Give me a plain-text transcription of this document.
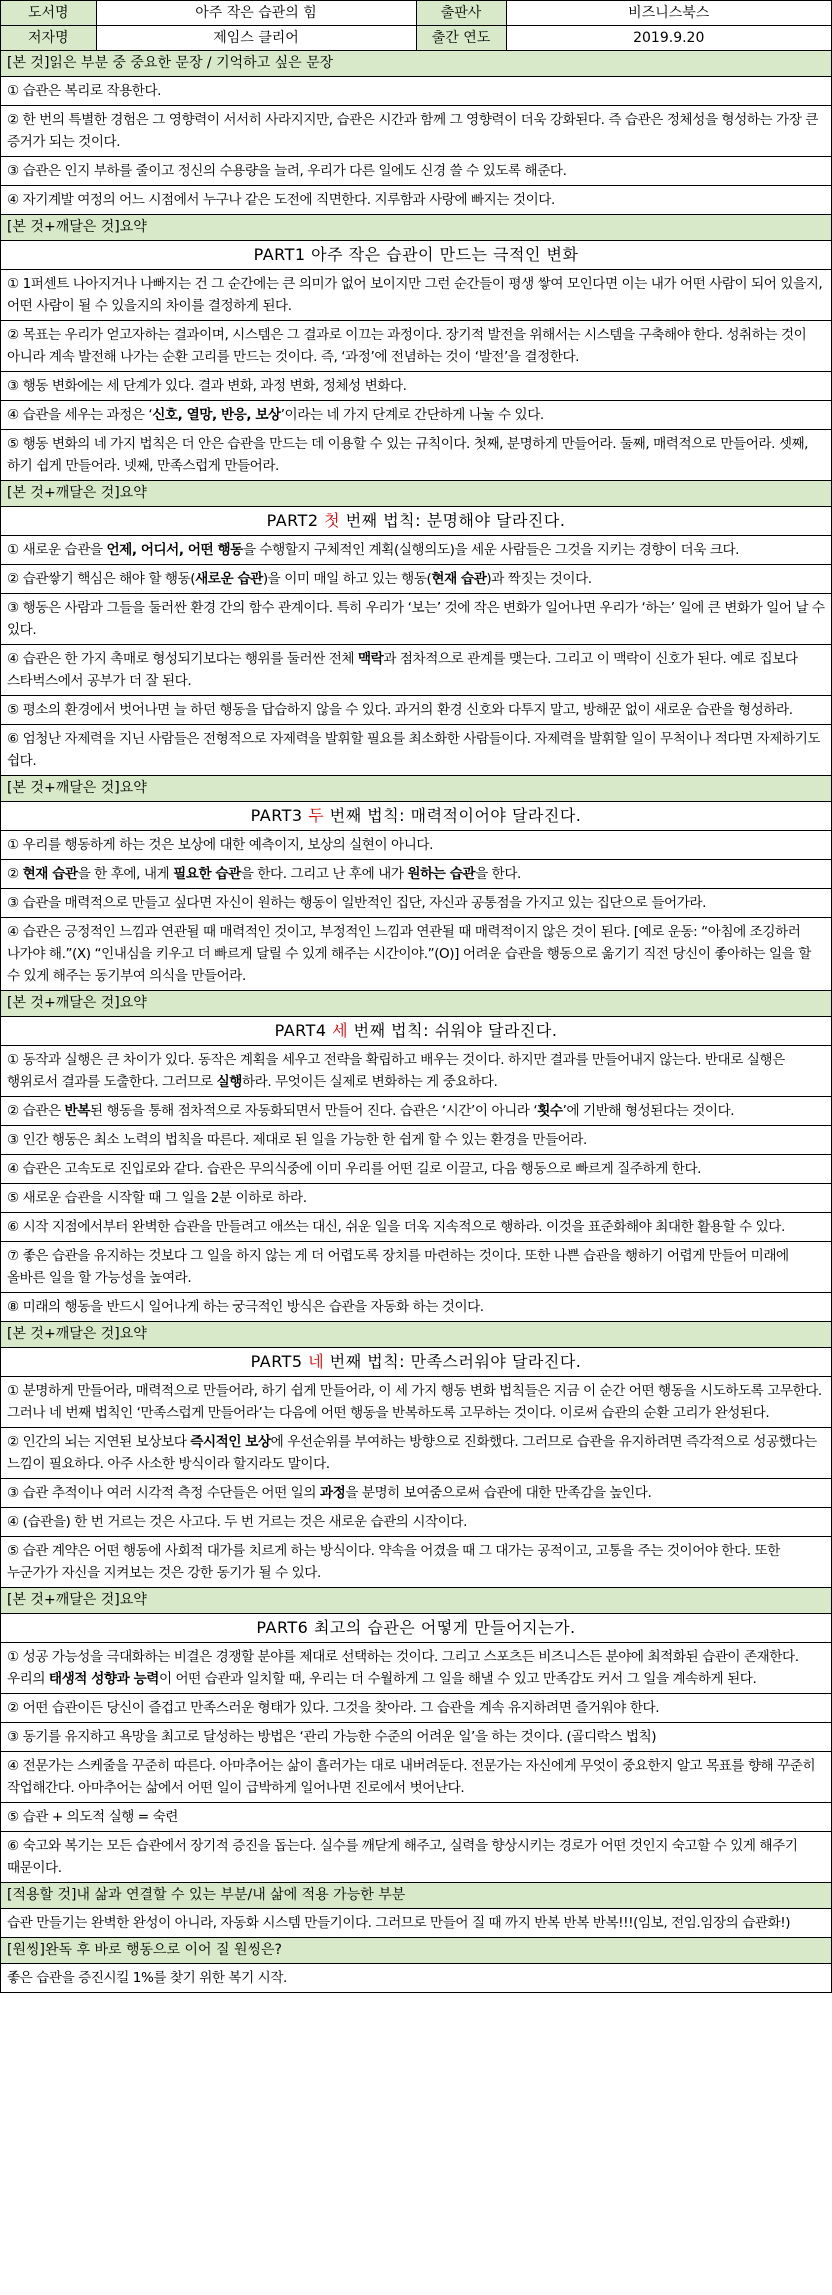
도서명	아주 작은 습관의 힘	출판사	비즈니스북스
저자명	제임스 클리어	출간 연도	2019.9.20
[본 것]읽은 부분 중 중요한 문장 / 기억하고 싶은 문장
① 습관은 복리로 작용한다.
② 한 번의 특별한 경험은 그 영향력이 서서히 사라지지만, 습관은 시간과 함께 그 영향력이 더욱 강화된다. 즉 습관은 정체성을 형성하는 가장 큰 증거가 되는 것이다.
③ 습관은 인지 부하를 줄이고 정신의 수용량을 늘려, 우리가 다른 일에도 신경 쓸 수 있도록 해준다.
④ 자기계발 여정의 어느 시점에서 누구나 같은 도전에 직면한다. 지루함과 사랑에 빠지는 것이다.
[본 것+깨달은 것]요약
PART1 아주 작은 습관이 만드는 극적인 변화
① 1퍼센트 나아지거나 나빠지는 건 그 순간에는 큰 의미가 없어 보이지만 그런 순간들이 평생 쌓여 모인다면 이는 내가 어떤 사람이 되어 있을지, 어떤 사람이 될 수 있을지의 차이를 결정하게 된다.
② 목표는 우리가 얻고자하는 결과이며, 시스템은 그 결과로 이끄는 과정이다. 장기적 발전을 위해서는 시스템을 구축해야 한다. 성취하는 것이 아니라 계속 발전해 나가는 순환 고리를 만드는 것이다. 즉, ‘과정’에 전념하는 것이 ‘발전’을 결정한다.
③ 행동 변화에는 세 단계가 있다. 결과 변화, 과정 변화, 정체성 변화다.
④ 습관을 세우는 과정은 ‘신호, 열망, 반응, 보상’이라는 네 가지 단계로 간단하게 나눌 수 있다.
⑤ 행동 변화의 네 가지 법칙은 더 안은 습관을 만드는 데 이용할 수 있는 규칙이다. 첫째, 분명하게 만들어라. 둘째, 매력적으로 만들어라. 셋째, 하기 쉽게 만들어라. 넷째, 만족스럽게 만들어라.
[본 것+깨달은 것]요약
PART2 첫 번째 법칙: 분명해야 달라진다.
① 새로운 습관을 언제, 어디서, 어떤 행동을 수행할지 구체적인 계획(실행의도)을 세운 사람들은 그것을 지키는 경향이 더욱 크다.
② 습관쌓기 핵심은 해야 할 행동(새로운 습관)을 이미 매일 하고 있는 행동(현재 습관)과 짝짓는 것이다.
③ 행동은 사람과 그들을 둘러싼 환경 간의 함수 관계이다. 특히 우리가 ‘보는’ 것에 작은 변화가 일어나면 우리가 ‘하는’ 일에 큰 변화가 일어 날 수 있다.
④ 습관은 한 가지 촉매로 형성되기보다는 행위를 둘러싼 전체 맥락과 점차적으로 관계를 맺는다. 그리고 이 맥락이 신호가 된다. 예로 집보다 스타벅스에서 공부가 더 잘 된다.
⑤ 평소의 환경에서 벗어나면 늘 하던 행동을 답습하지 않을 수 있다. 과거의 환경 신호와 다투지 말고, 방해꾼 없이 새로운 습관을 형성하라.
⑥ 엄청난 자제력을 지닌 사람들은 전형적으로 자제력을 발휘할 필요를 최소화한 사람들이다. 자제력을 발휘할 일이 무척이나 적다면 자제하기도 쉽다.
[본 것+깨달은 것]요약
PART3 두 번째 법칙: 매력적이어야 달라진다.
① 우리를 행동하게 하는 것은 보상에 대한 예측이지, 보상의 실현이 아니다.
② 현재 습관을 한 후에, 내게 필요한 습관을 한다. 그리고 난 후에 내가 원하는 습관을 한다.
③ 습관을 매력적으로 만들고 싶다면 자신이 원하는 행동이 일반적인 집단, 자신과 공통점을 가지고 있는 집단으로 들어가라.
④ 습관은 긍정적인 느낌과 연관될 때 매력적인 것이고, 부정적인 느낌과 연관될 때 매력적이지 않은 것이 된다. [예로 운동: “아침에 조깅하러 나가야 해.”(X) “인내심을 키우고 더 빠르게 달릴 수 있게 해주는 시간이야.”(O)] 어려운 습관을 행동으로 옮기기 직전 당신이 좋아하는 일을 할 수 있게 해주는 동기부여 의식을 만들어라.
[본 것+깨달은 것]요약
PART4 세 번째 법칙: 쉬워야 달라진다.
① 동작과 실행은 큰 차이가 있다. 동작은 계획을 세우고 전략을 확립하고 배우는 것이다. 하지만 결과를 만들어내지 않는다. 반대로 실행은 행위로서 결과를 도출한다. 그러므로 실행하라. 무엇이든 실제로 변화하는 게 중요하다.
② 습관은 반복된 행동을 통해 점차적으로 자동화되면서 만들어 진다. 습관은 ‘시간’이 아니라 ‘횟수’에 기반해 형성된다는 것이다.
③ 인간 행동은 최소 노력의 법칙을 따른다. 제대로 된 일을 가능한 한 쉽게 할 수 있는 환경을 만들어라.
④ 습관은 고속도로 진입로와 같다. 습관은 무의식중에 이미 우리를 어떤 길로 이끌고, 다음 행동으로 빠르게 질주하게 한다.
⑤ 새로운 습관을 시작할 때 그 일을 2분 이하로 하라.
⑥ 시작 지점에서부터 완벽한 습관을 만들려고 애쓰는 대신, 쉬운 일을 더욱 지속적으로 행하라. 이것을 표준화해야 최대한 활용할 수 있다.
⑦ 좋은 습관을 유지하는 것보다 그 일을 하지 않는 게 더 어렵도록 장치를 마련하는 것이다. 또한 나쁜 습관을 행하기 어렵게 만들어 미래에 올바른 일을 할 가능성을 높여라.
⑧ 미래의 행동을 반드시 일어나게 하는 궁극적인 방식은 습관을 자동화 하는 것이다.
[본 것+깨달은 것]요약
PART5 네 번째 법칙: 만족스러워야 달라진다.
① 분명하게 만들어라, 매력적으로 만들어라, 하기 쉽게 만들어라, 이 세 가지 행동 변화 법칙들은 지금 이 순간 어떤 행동을 시도하도록 고무한다. 그러나 네 번째 법칙인 ‘만족스럽게 만들어라’는 다음에 어떤 행동을 반복하도록 고무하는 것이다. 이로써 습관의 순환 고리가 완성된다.
② 인간의 뇌는 지연된 보상보다 즉시적인 보상에 우선순위를 부여하는 방향으로 진화했다. 그러므로 습관을 유지하려면 즉각적으로 성공했다는 느낌이 필요하다. 아주 사소한 방식이라 할지라도 말이다.
③ 습관 추적이나 여러 시각적 측정 수단들은 어떤 일의 과정을 분명히 보여줌으로써 습관에 대한 만족감을 높인다.
④ (습관을) 한 번 거르는 것은 사고다. 두 번 거르는 것은 새로운 습관의 시작이다.
⑤ 습관 계약은 어떤 행동에 사회적 대가를 치르게 하는 방식이다. 약속을 어겼을 때 그 대가는 공적이고, 고통을 주는 것이어야 한다. 또한 누군가가 자신을 지켜보는 것은 강한 동기가 될 수 있다.
[본 것+깨달은 것]요약
PART6 최고의 습관은 어떻게 만들어지는가.
① 성공 가능성을 극대화하는 비결은 경쟁할 분야를 제대로 선택하는 것이다. 그리고 스포츠든 비즈니스든 분야에 최적화된 습관이 존재한다. 우리의 태생적 성향과 능력이 어떤 습관과 일치할 때, 우리는 더 수월하게 그 일을 해낼 수 있고 만족감도 커서 그 일을 계속하게 된다.
② 어떤 습관이든 당신이 즐겁고 만족스러운 형태가 있다. 그것을 찾아라. 그 습관을 계속 유지하려면 즐거워야 한다.
③ 동기를 유지하고 욕망을 최고로 달성하는 방법은 ‘관리 가능한 수준의 어려운 일’을 하는 것이다. (골디락스 법칙)
④ 전문가는 스케줄을 꾸준히 따른다. 아마추어는 삶이 흘러가는 대로 내버려둔다. 전문가는 자신에게 무엇이 중요한지 알고 목표를 향해 꾸준히 작업해간다. 아마추어는 삶에서 어떤 일이 급박하게 일어나면 진로에서 벗어난다.
⑤ 습관 + 의도적 실행 = 숙련
⑥ 숙고와 복기는 모든 습관에서 장기적 증진을 돕는다. 실수를 깨닫게 해주고, 실력을 향상시키는 경로가 어떤 것인지 숙고할 수 있게 해주기 때문이다.
[적용할 것]내 삶과 연결할 수 있는 부분/내 삶에 적용 가능한 부분
습관 만들기는 완벽한 완성이 아니라, 자동화 시스템 만들기이다. 그러므로 만들어 질 때 까지 반복 반복 반복!!!(임보, 전임.임장의 습관화!)
[원씽]완독 후 바로 행동으로 이어 질 원씽은?
좋은 습관을 증진시킬 1%를 찾기 위한 복기 시작.
